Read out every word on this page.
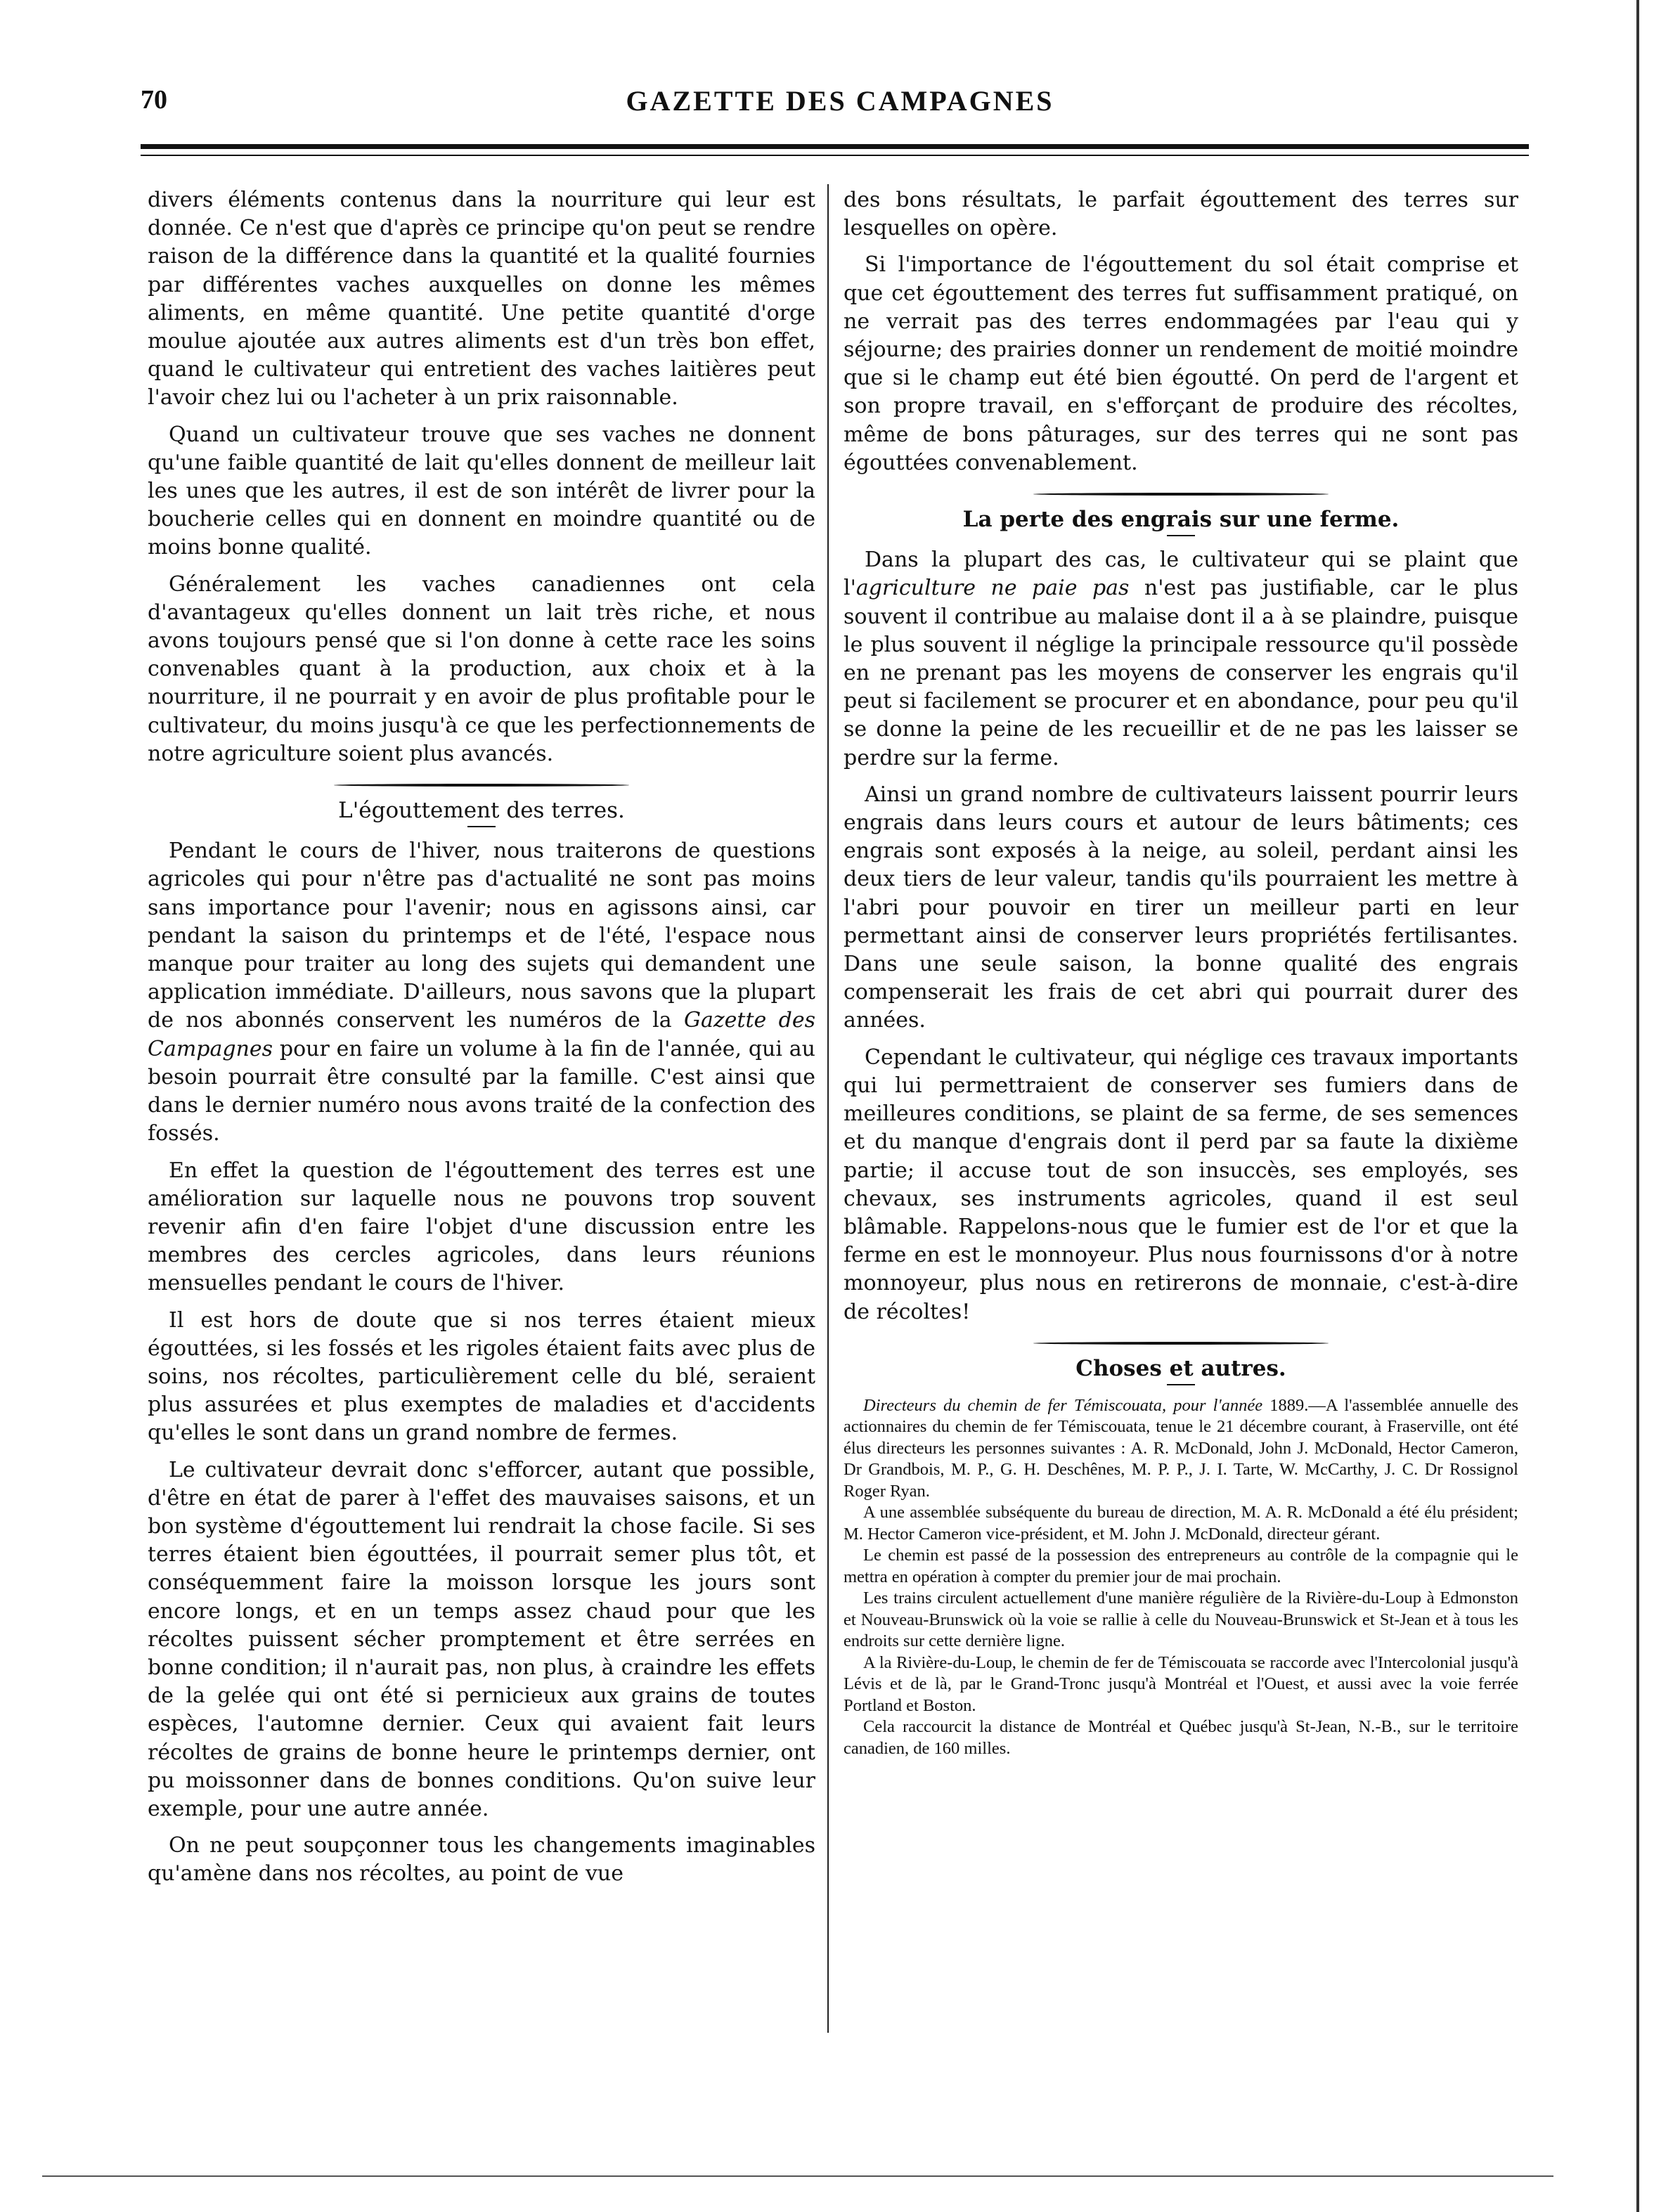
70	GAZETTE DES CAMPAGNES

divers éléments contenus dans la nourriture qui leur est donnée. Ce n'est que d'après ce principe qu'on peut se rendre raison de la différence dans la quantité et la qualité fournies par différentes vaches auxquelles on donne les mêmes aliments, en même quantité. Une petite quantité d'orge moulue ajoutée aux autres aliments est d'un très bon effet, quand le cultivateur qui entretient des vaches laitières peut l'avoir chez lui ou l'acheter à un prix raisonnable.

Quand un cultivateur trouve que ses vaches ne donnent qu'une faible quantité de lait qu'elles donnent de meilleur lait les unes que les autres, il est de son intérêt de livrer pour la boucherie celles qui en donnent en moindre quantité ou de moins bonne qualité.

Généralement les vaches canadiennes ont cela d'avantageux qu'elles donnent un lait très riche, et nous avons toujours pensé que si l'on donne à cette race les soins convenables quant à la production, aux choix et à la nourriture, il ne pourrait y en avoir de plus profitable pour le cultivateur, du moins jusqu'à ce que les perfectionnements de notre agriculture soient plus avancés.

L'égouttement des terres.

Pendant le cours de l'hiver, nous traiterons de questions agricoles qui pour n'être pas d'actualité ne sont pas moins sans importance pour l'avenir; nous en agissons ainsi, car pendant la saison du printemps et de l'été, l'espace nous manque pour traiter au long des sujets qui demandent une application immédiate. D'ailleurs, nous savons que la plupart de nos abonnés conservent les numéros de la Gazette des Campagnes pour en faire un volume à la fin de l'année, qui au besoin pourrait être consulté par la famille. C'est ainsi que dans le dernier numéro nous avons traité de la confection des fossés.

En effet la question de l'égouttement des terres est une amélioration sur laquelle nous ne pouvons trop souvent revenir afin d'en faire l'objet d'une discussion entre les membres des cercles agricoles, dans leurs réunions mensuelles pendant le cours de l'hiver.

Il est hors de doute que si nos terres étaient mieux égouttées, si les fossés et les rigoles étaient faits avec plus de soins, nos récoltes, particulièrement celle du blé, seraient plus assurées et plus exemptes de maladies et d'accidents qu'elles le sont dans un grand nombre de fermes.

Le cultivateur devrait donc s'efforcer, autant que possible, d'être en état de parer à l'effet des mauvaises saisons, et un bon système d'égouttement lui rendrait la chose facile. Si ses terres étaient bien égouttées, il pourrait semer plus tôt, et conséquemment faire la moisson lorsque les jours sont encore longs, et en un temps assez chaud pour que les récoltes puissent sécher promptement et être serrées en bonne condition; il n'aurait pas, non plus, à craindre les effets de la gelée qui ont été si pernicieux aux grains de toutes espèces, l'automne dernier. Ceux qui avaient fait leurs récoltes de grains de bonne heure le printemps dernier, ont pu moissonner dans de bonnes conditions. Qu'on suive leur exemple, pour une autre année.

On ne peut soupçonner tous les changements imaginables qu'amène dans nos récoltes, au point de vue

des bons résultats, le parfait égouttement des terres sur lesquelles on opère.

Si l'importance de l'égouttement du sol était comprise et que cet égouttement des terres fut suffisamment pratiqué, on ne verrait pas des terres endommagées par l'eau qui y séjourne; des prairies donner un rendement de moitié moindre que si le champ eut été bien égoutté. On perd de l'argent et son propre travail, en s'efforçant de produire des récoltes, même de bons pâturages, sur des terres qui ne sont pas égouttées convenablement.

La perte des engrais sur une ferme.

Dans la plupart des cas, le cultivateur qui se plaint que l'agriculture ne paie pas n'est pas justifiable, car le plus souvent il contribue au malaise dont il a à se plaindre, puisque le plus souvent il néglige la principale ressource qu'il possède en ne prenant pas les moyens de conserver les engrais qu'il peut si facilement se procurer et en abondance, pour peu qu'il se donne la peine de les recueillir et de ne pas les laisser se perdre sur la ferme.

Ainsi un grand nombre de cultivateurs laissent pourrir leurs engrais dans leurs cours et autour de leurs bâtiments; ces engrais sont exposés à la neige, au soleil, perdant ainsi les deux tiers de leur valeur, tandis qu'ils pourraient les mettre à l'abri pour pouvoir en tirer un meilleur parti en leur permettant ainsi de conserver leurs propriétés fertilisantes. Dans une seule saison, la bonne qualité des engrais compenserait les frais de cet abri qui pourrait durer des années.

Cependant le cultivateur, qui néglige ces travaux importants qui lui permettraient de conserver ses fumiers dans de meilleures conditions, se plaint de sa ferme, de ses semences et du manque d'engrais dont il perd par sa faute la dixième partie; il accuse tout de son insuccès, ses employés, ses chevaux, ses instruments agricoles, quand il est seul blâmable. Rappelons-nous que le fumier est de l'or et que la ferme en est le monnoyeur. Plus nous fournissons d'or à notre monnoyeur, plus nous en retirerons de monnaie, c'est-à-dire de récoltes!

Choses et autres.

Directeurs du chemin de fer Témiscouata, pour l'année 1889.—A l'assemblée annuelle des actionnaires du chemin de fer Témiscouata, tenue le 21 décembre courant, à Fraserville, ont été élus directeurs les personnes suivantes : A. R. McDonald, John J. McDonald, Hector Cameron, Dr Grandbois, M. P., G. H. Deschênes, M. P. P., J. I. Tarte, W. McCarthy, J. C. Dr Rossignol Roger Ryan.

A une assemblée subséquente du bureau de direction, M. A. R. McDonald a été élu président; M. Hector Cameron vice-président, et M. John J. McDonald, directeur gérant.

Le chemin est passé de la possession des entrepreneurs au contrôle de la compagnie qui le mettra en opération à compter du premier jour de mai prochain.

Les trains circulent actuellement d'une manière régulière de la Rivière-du-Loup à Edmonston et Nouveau-Brunswick où la voie se rallie à celle du Nouveau-Brunswick et St-Jean et à tous les endroits sur cette dernière ligne.

A la Rivière-du-Loup, le chemin de fer de Témiscouata se raccorde avec l'Intercolonial jusqu'à Lévis et de là, par le Grand-Tronc jusqu'à Montréal et l'Ouest, et aussi avec la voie ferrée Portland et Boston.

Cela raccourcit la distance de Montréal et Québec jusqu'à St-Jean, N.-B., sur le territoire canadien, de 160 milles.
